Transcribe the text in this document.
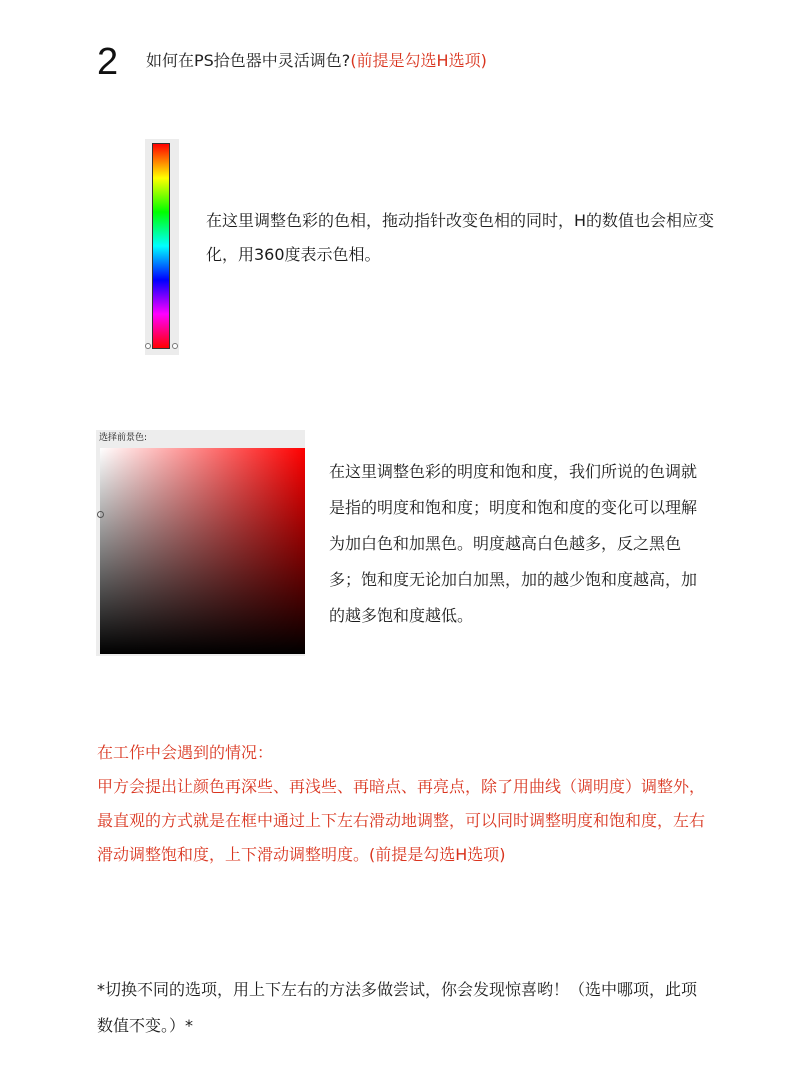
2 如何在PS拾色器中灵活调色?(前提是勾选H选项)
在这里调整色彩的色相，拖动指针改变色相的同时，H的数值也会相应变化，用360度表示色相。
选择前景色:
在这里调整色彩的明度和饱和度，我们所说的色调就是指的明度和饱和度；明度和饱和度的变化可以理解为加白色和加黑色。明度越高白色越多，反之黑色多；饱和度无论加白加黑，加的越少饱和度越高，加的越多饱和度越低。

在工作中会遇到的情况：

甲方会提出让颜色再深些、再浅些、再暗点、再亮点，除了用曲线（调明度）调整外，最直观的方式就是在框中通过上下左右滑动地调整，可以同时调整明度和饱和度，左右滑动调整饱和度，上下滑动调整明度。(前提是勾选H选项)

*切换不同的选项，用上下左右的方法多做尝试，你会发现惊喜哟！（选中哪项，此项数值不变。）*
